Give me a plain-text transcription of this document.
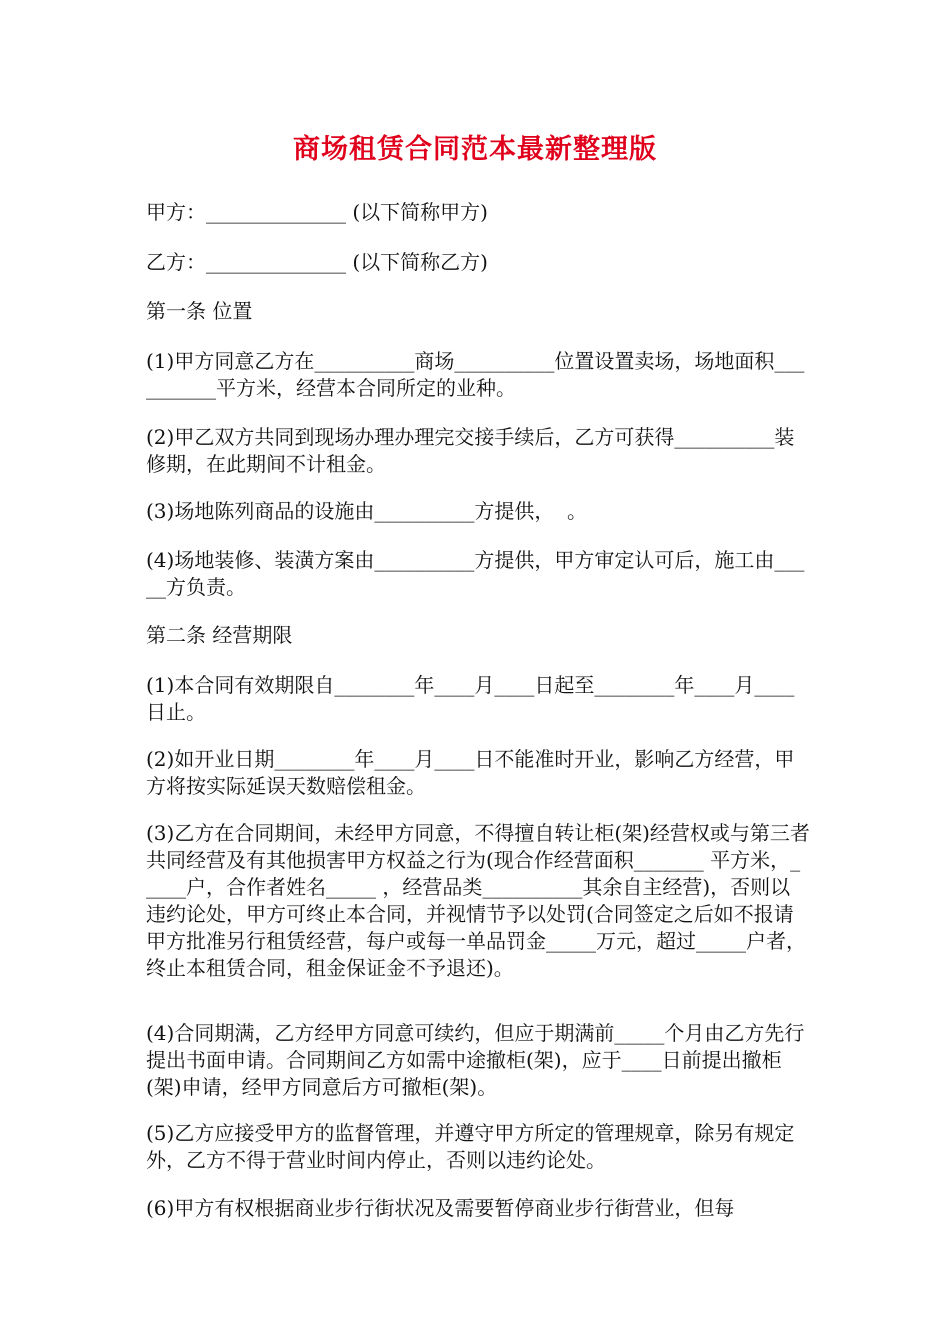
商场租赁合同范本最新整理版

甲方：______________ (以下简称甲方)

乙方：______________ (以下简称乙方)

第一条 位置

(1)甲方同意乙方在__________商场__________位置设置卖场，场地面积__________平方米，经营本合同所定的业种。

(2)甲乙双方共同到现场办理办理完交接手续后，乙方可获得__________装修期，在此期间不计租金。

(3)场地陈列商品的设施由__________方提供，  。

(4)场地装修、装潢方案由__________方提供，甲方审定认可后，施工由_____方负责。

第二条 经营期限

(1)本合同有效期限自________年____月____日起至________年____月____日止。

(2)如开业日期________年____月____日不能准时开业，影响乙方经营，甲方将按实际延误天数赔偿租金。

(3)乙方在合同期间，未经甲方同意，不得擅自转让柜(架)经营权或与第三者共同经营及有其他损害甲方权益之行为(现合作经营面积_______ 平方米，_____户，合作者姓名_____ ，经营品类__________其余自主经营)，否则以违约论处，甲方可终止本合同，并视情节予以处罚(合同签定之后如不报请甲方批准另行租赁经营，每户或每一单品罚金_____万元，超过_____户者，终止本租赁合同，租金保证金不予退还)。

(4)合同期满，乙方经甲方同意可续约，但应于期满前_____个月由乙方先行提出书面申请。合同期间乙方如需中途撤柜(架)，应于____日前提出撤柜(架)申请，经甲方同意后方可撤柜(架)。

(5)乙方应接受甲方的监督管理，并遵守甲方所定的管理规章，除另有规定外，乙方不得于营业时间内停止，否则以违约论处。

(6)甲方有权根据商业步行街状况及需要暂停商业步行街营业，但每
